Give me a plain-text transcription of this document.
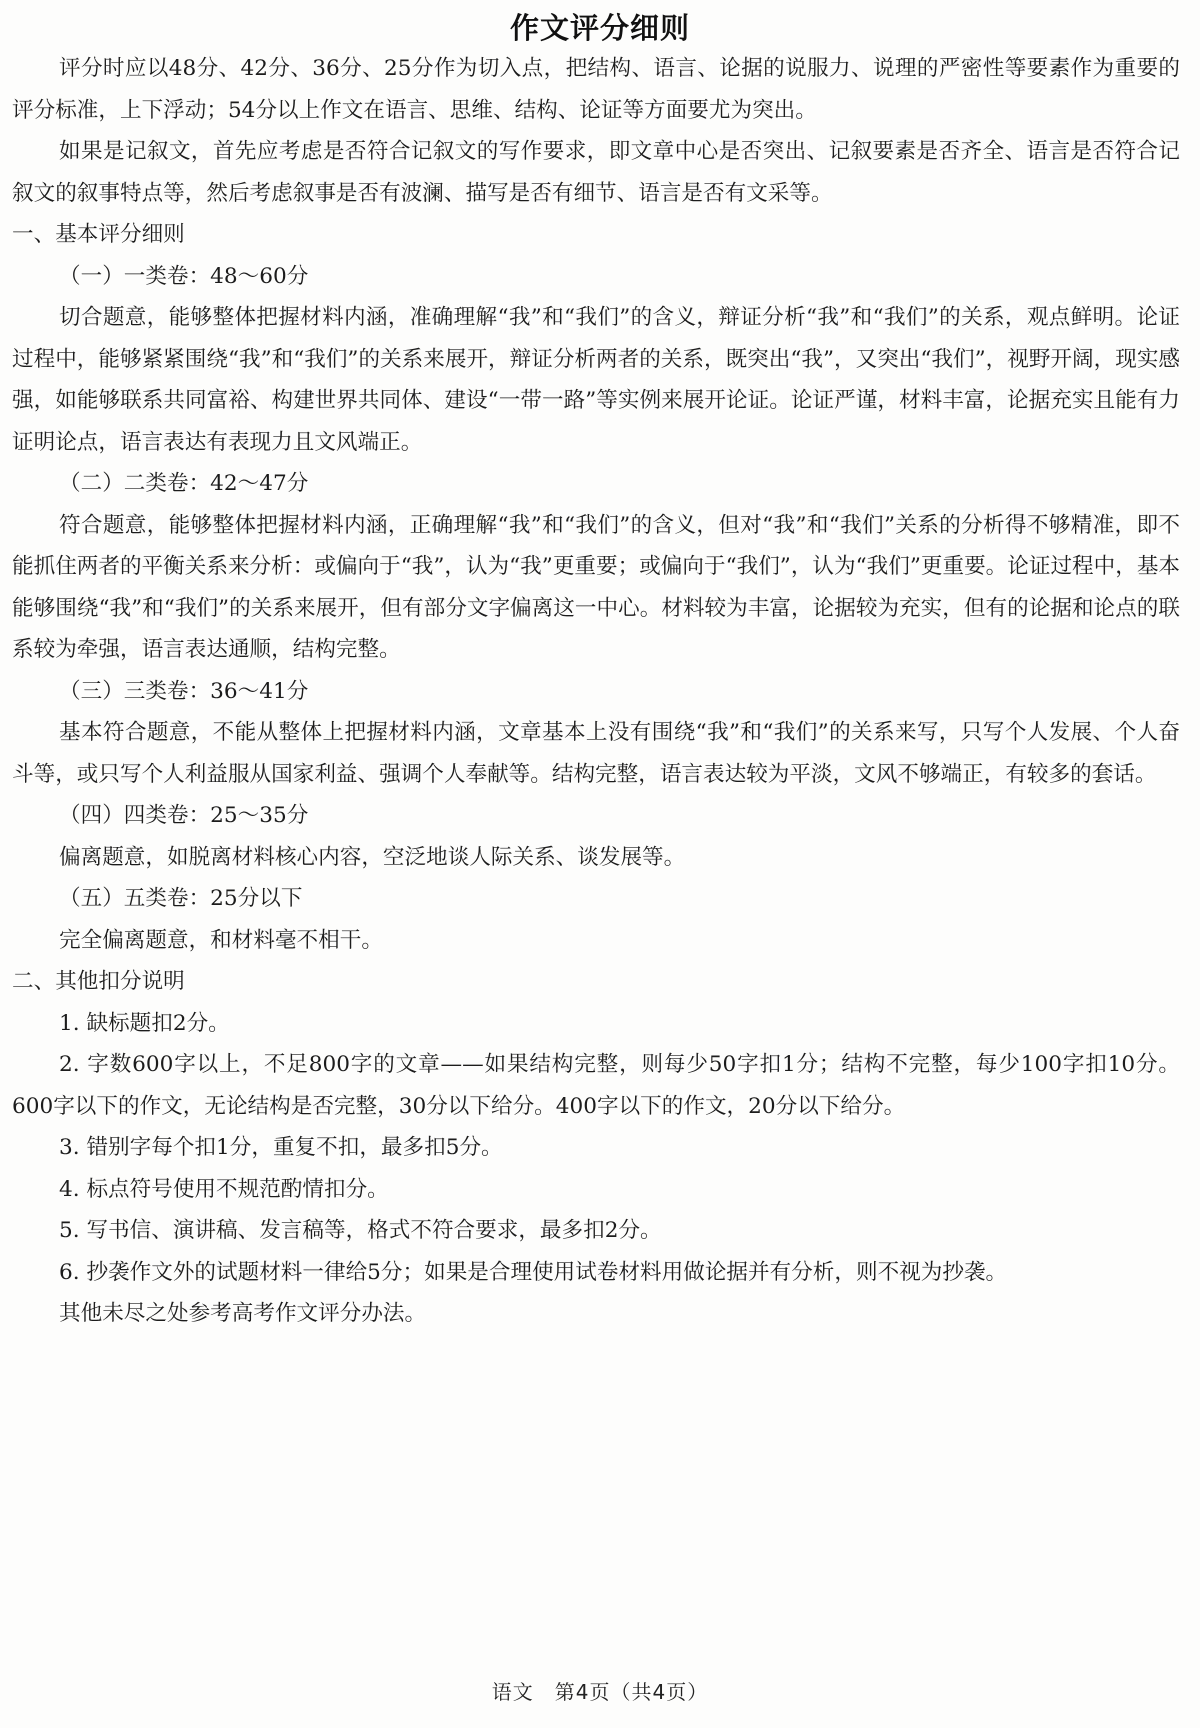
作文评分细则

评分时应以48分、42分、36分、25分作为切入点，把结构、语言、论据的说服力、说理的严密性等要素作为重要的评分标准，上下浮动；54分以上作文在语言、思维、结构、论证等方面要尤为突出。

如果是记叙文，首先应考虑是否符合记叙文的写作要求，即文章中心是否突出、记叙要素是否齐全、语言是否符合记叙文的叙事特点等，然后考虑叙事是否有波澜、描写是否有细节、语言是否有文采等。

一、基本评分细则

（一）一类卷：48～60分

切合题意，能够整体把握材料内涵，准确理解“我”和“我们”的含义，辩证分析“我”和“我们”的关系，观点鲜明。论证过程中，能够紧紧围绕“我”和“我们”的关系来展开，辩证分析两者的关系，既突出“我”，又突出“我们”，视野开阔，现实感强，如能够联系共同富裕、构建世界共同体、建设“一带一路”等实例来展开论证。论证严谨，材料丰富，论据充实且能有力证明论点，语言表达有表现力且文风端正。

（二）二类卷：42～47分

符合题意，能够整体把握材料内涵，正确理解“我”和“我们”的含义，但对“我”和“我们”关系的分析得不够精准，即不能抓住两者的平衡关系来分析：或偏向于“我”，认为“我”更重要；或偏向于“我们”，认为“我们”更重要。论证过程中，基本能够围绕“我”和“我们”的关系来展开，但有部分文字偏离这一中心。材料较为丰富，论据较为充实，但有的论据和论点的联系较为牵强，语言表达通顺，结构完整。

（三）三类卷：36～41分

基本符合题意，不能从整体上把握材料内涵，文章基本上没有围绕“我”和“我们”的关系来写，只写个人发展、个人奋斗等，或只写个人利益服从国家利益、强调个人奉献等。结构完整，语言表达较为平淡，文风不够端正，有较多的套话。

（四）四类卷：25～35分

偏离题意，如脱离材料核心内容，空泛地谈人际关系、谈发展等。

（五）五类卷：25分以下

完全偏离题意，和材料毫不相干。

二、其他扣分说明

1. 缺标题扣2分。

2. 字数600字以上，不足800字的文章——如果结构完整，则每少50字扣1分；结构不完整，每少100字扣10分。600字以下的作文，无论结构是否完整，30分以下给分。400字以下的作文，20分以下给分。

3. 错别字每个扣1分，重复不扣，最多扣5分。

4. 标点符号使用不规范酌情扣分。

5. 写书信、演讲稿、发言稿等，格式不符合要求，最多扣2分。

6. 抄袭作文外的试题材料一律给5分；如果是合理使用试卷材料用做论据并有分析，则不视为抄袭。

其他未尽之处参考高考作文评分办法。

语文　第4页（共4页）
